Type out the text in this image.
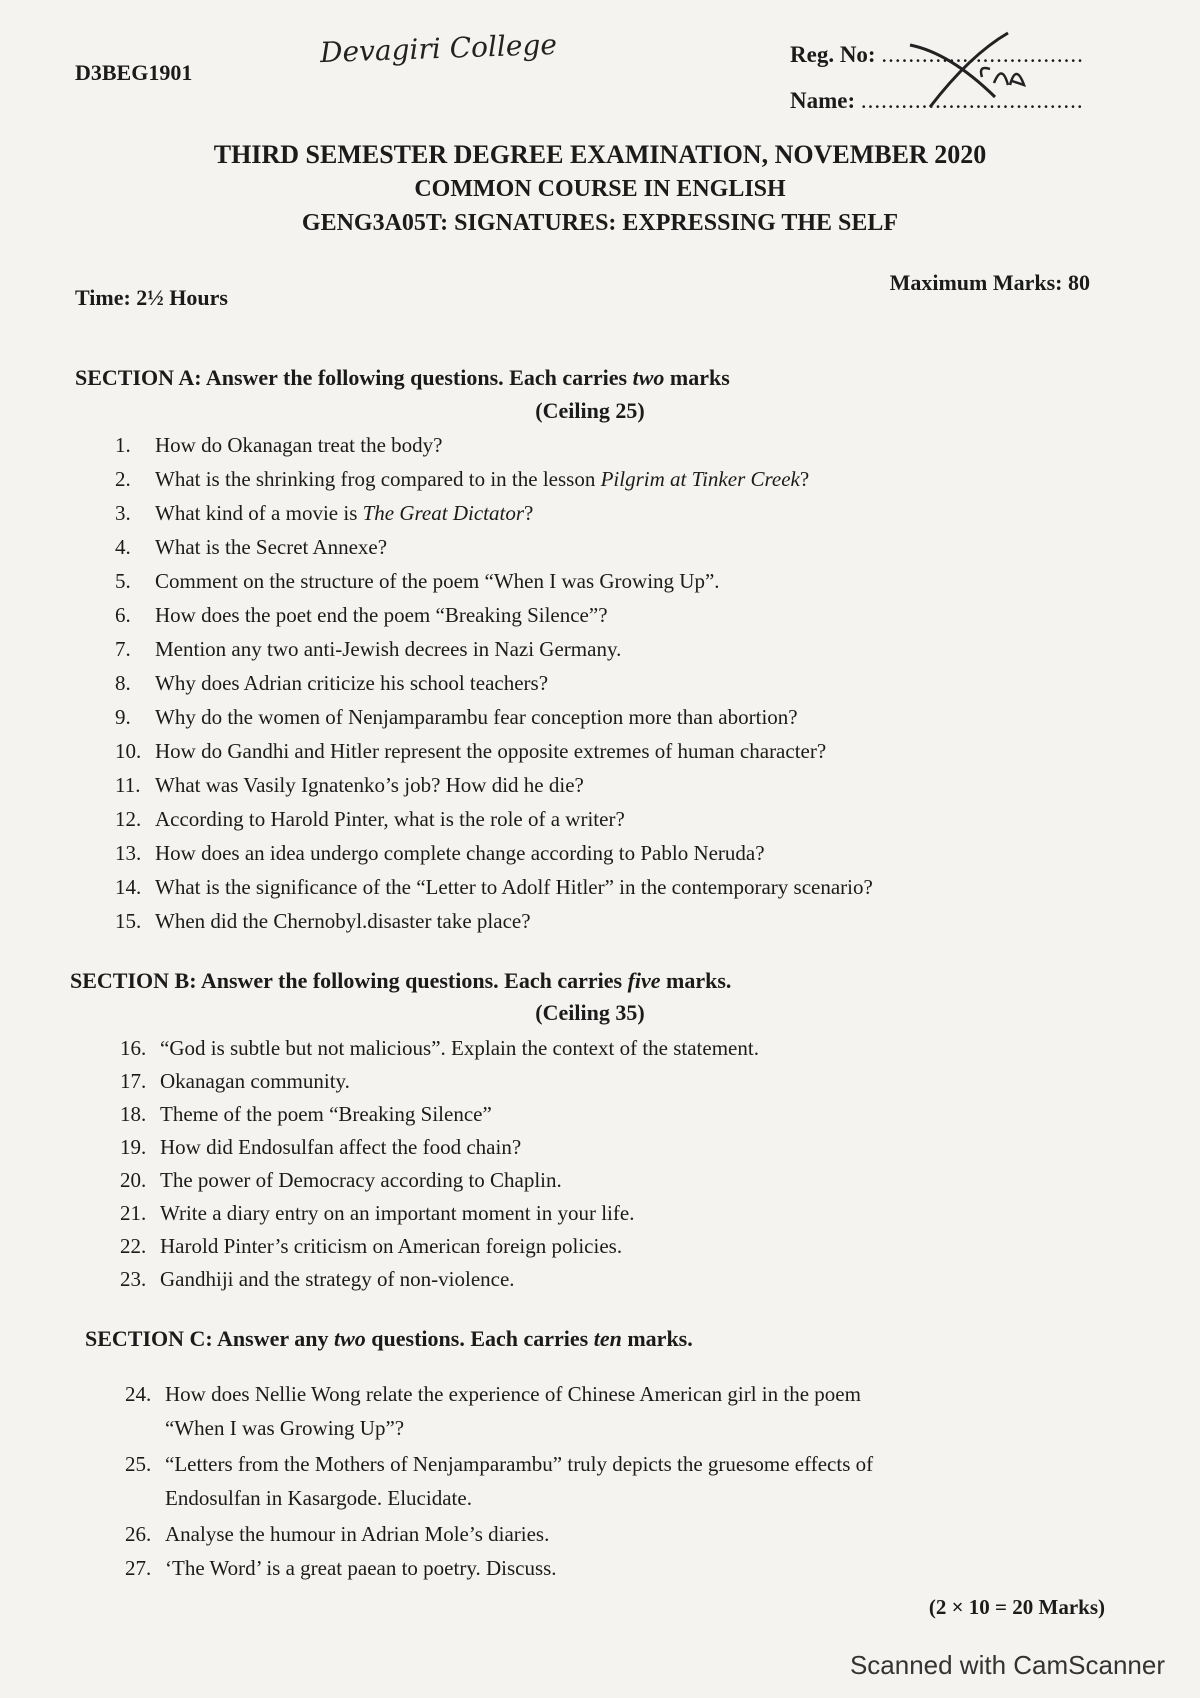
D3BEG1901
Devagiri College	Reg. No: ..............................
Name: .................................
THIRD SEMESTER DEGREE EXAMINATION, NOVEMBER 2020
COMMON COURSE IN ENGLISH
GENG3A05T: SIGNATURES: EXPRESSING THE SELF
Time: 2½ Hours
Maximum Marks: 80
SECTION A: Answer the following questions. Each carries two marks
(Ceiling 25)
1. How do Okanagan treat the body?
2. What is the shrinking frog compared to in the lesson Pilgrim at Tinker Creek?
3. What kind of a movie is The Great Dictator?
4. What is the Secret Annexe?
5. Comment on the structure of the poem “When I was Growing Up”.
6. How does the poet end the poem “Breaking Silence”?
7. Mention any two anti-Jewish decrees in Nazi Germany.
8. Why does Adrian criticize his school teachers?
9. Why do the women of Nenjamparambu fear conception more than abortion?
10. How do Gandhi and Hitler represent the opposite extremes of human character?
11. What was Vasily Ignatenko’s job? How did he die?
12. According to Harold Pinter, what is the role of a writer?
13. How does an idea undergo complete change according to Pablo Neruda?
14. What is the significance of the “Letter to Adolf Hitler” in the contemporary scenario?
15. When did the Chernobyl.disaster take place?
SECTION B: Answer the following questions. Each carries five marks.
(Ceiling 35)
16. “God is subtle but not malicious”. Explain the context of the statement.
17. Okanagan community.
18. Theme of the poem “Breaking Silence”
19. How did Endosulfan affect the food chain?
20. The power of Democracy according to Chaplin.
21. Write a diary entry on an important moment in your life.
22. Harold Pinter’s criticism on American foreign policies.
23. Gandhiji and the strategy of non-violence.
SECTION C: Answer any two questions. Each carries ten marks.
24. How does Nellie Wong relate the experience of Chinese American girl in the poem
“When I was Growing Up”?
25. “Letters from the Mothers of Nenjamparambu” truly depicts the gruesome effects of
Endosulfan in Kasargode. Elucidate.
26. Analyse the humour in Adrian Mole’s diaries.
27. ‘The Word’ is a great paean to poetry. Discuss.
(2 × 10 = 20 Marks)
Scanned with CamScanner
